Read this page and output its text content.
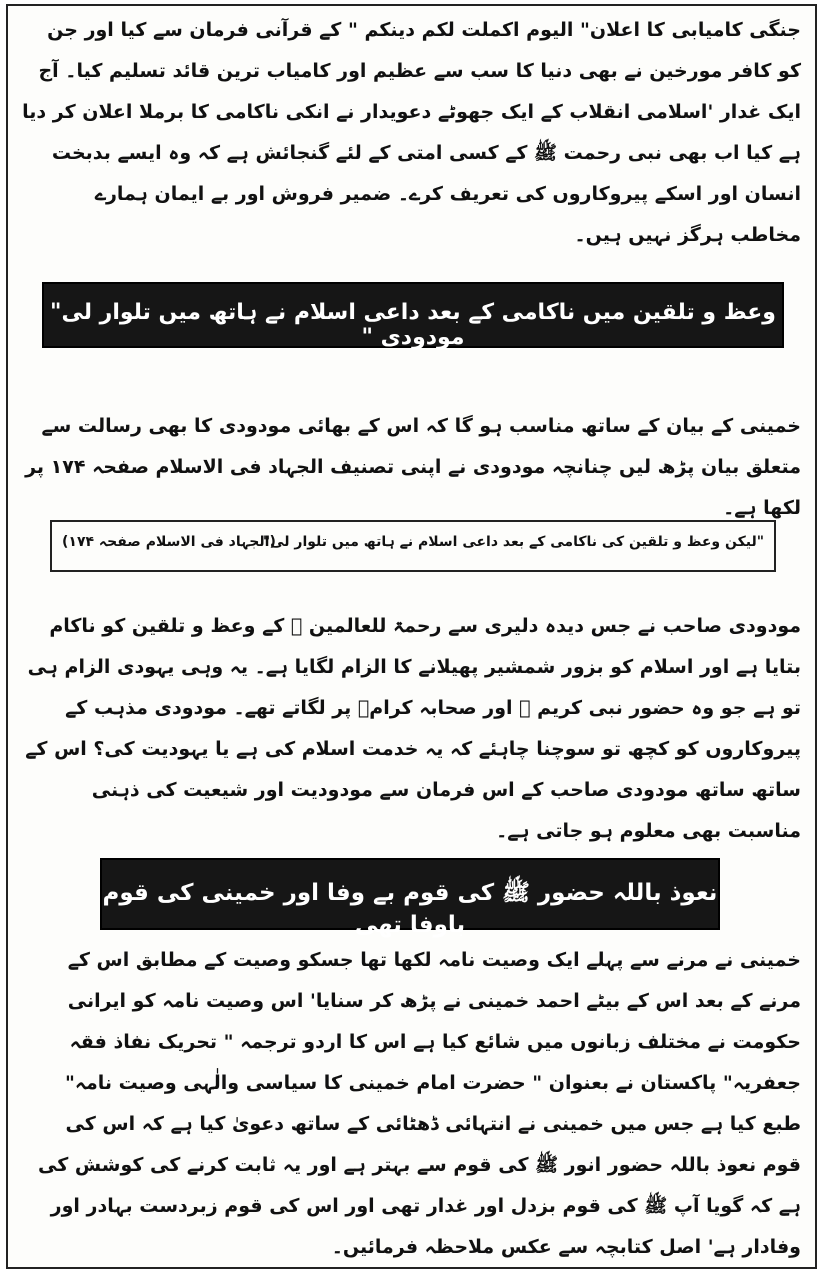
جنگی کامیابی کا اعلان" الیوم اکملت لکم دینکم " کے قرآنی فرمان سے کیا اور جن کو کافر مورخین نے بھی دنیا کا سب سے عظیم اور کامیاب ترین قائد تسلیم کیا۔ آج ایک غدار 'اسلامی انقلاب کے ایک جھوٹے دعویدار نے انکی ناکامی کا برملا اعلان کر دیا ہے کیا اب بھی نبی رحمت ﷺ کے کسی امتی کے لئے گنجائش ہے کہ وہ ایسے بدبخت انسان اور اسکے پیروکاروں کی تعریف کرے۔ ضمیر فروش اور بے ایمان ہمارے مخاطب ہرگز نہیں ہیں۔

وعظ و تلقین میں ناکامی کے بعد داعی اسلام نے ہاتھ میں تلوار لی" مودودی "

خمینی کے بیان کے ساتھ مناسب ہو گا کہ اس کے بھائی مودودی کا بھی رسالت سے متعلق بیان پڑھ لیں چنانچہ مودودی نے اپنی تصنیف الجہاد فی الاسلام صفحہ ۱۷۴ پر لکھا ہے۔

"لیکن وعظ و تلقین کی ناکامی کے بعد داعی اسلام نے ہاتھ میں تلوار لی"
(الجہاد فی الاسلام صفحہ ۱۷۴)

مودودی صاحب نے جس دیدہ دلیری سے رحمۃ للعالمین ﷺ کے وعظ و تلقین کو ناکام بتایا ہے اور اسلام کو بزور شمشیر پھیلانے کا الزام لگایا ہے۔ یہ وہی یہودی الزام ہی تو ہے جو وہ حضور نبی کریم ﷺ اور صحابہ کرامؓ پر لگاتے تھے۔ مودودی مذہب کے پیروکاروں کو کچھ تو سوچنا چاہئے کہ یہ خدمت اسلام کی ہے یا یہودیت کی؟ اس کے ساتھ ساتھ مودودی صاحب کے اس فرمان سے مودودیت اور شیعیت کی ذہنی مناسبت بھی معلوم ہو جاتی ہے۔

نعوذ باللہ حضور ﷺ کی قوم بے وفا اور خمینی کی قوم باوفا تھی

خمینی نے مرنے سے پہلے ایک وصیت نامہ لکھا تھا جسکو وصیت کے مطابق اس کے مرنے کے بعد اس کے بیٹے احمد خمینی نے پڑھ کر سنایا' اس وصیت نامہ کو ایرانی حکومت نے مختلف زبانوں میں شائع کیا ہے اس کا اردو ترجمہ " تحریک نفاذ فقہ جعفریہ" پاکستان نے بعنوان " حضرت امام خمینی کا سیاسی والٰہی وصیت نامہ" طبع کیا ہے جس میں خمینی نے انتہائی ڈھٹائی کے ساتھ دعویٰ کیا ہے کہ اس کی قوم نعوذ باللہ حضور انور ﷺ کی قوم سے بہتر ہے اور یہ ثابت کرنے کی کوشش کی ہے کہ گویا آپ ﷺ کی قوم بزدل اور غدار تھی اور اس کی قوم زبردست بہادر اور وفادار ہے' اصل کتابچہ سے عکس ملاحظہ فرمائیں۔
